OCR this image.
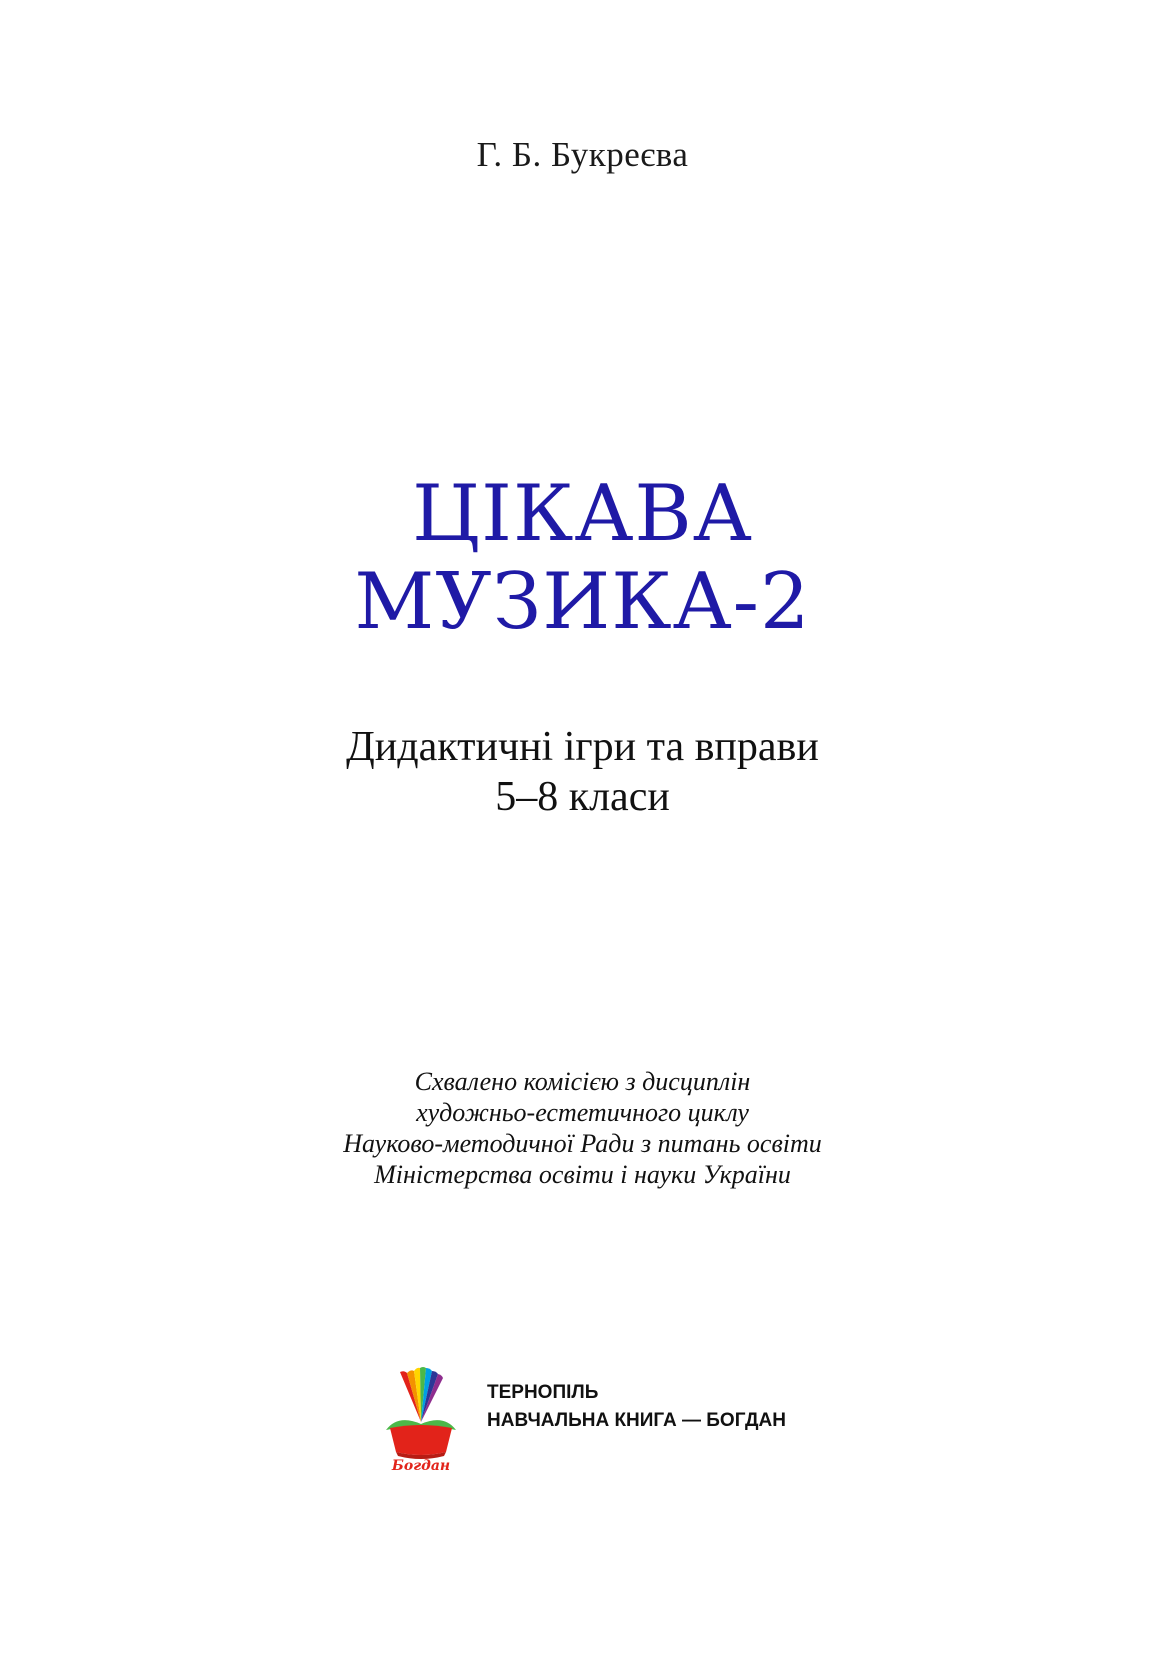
Г. Б. Букреєва
ЦІКАВА
МУЗИКА-2
Дидактичні ігри та вправи
5–8 класи
Схвалено комісією з дисциплін
художньо-естетичного циклу
Науково-методичної Ради з питань освіти
Міністерства освіти і науки України
Богдан
ТЕРНОПІЛЬ
НАВЧАЛЬНА КНИГА — БОГДАН
